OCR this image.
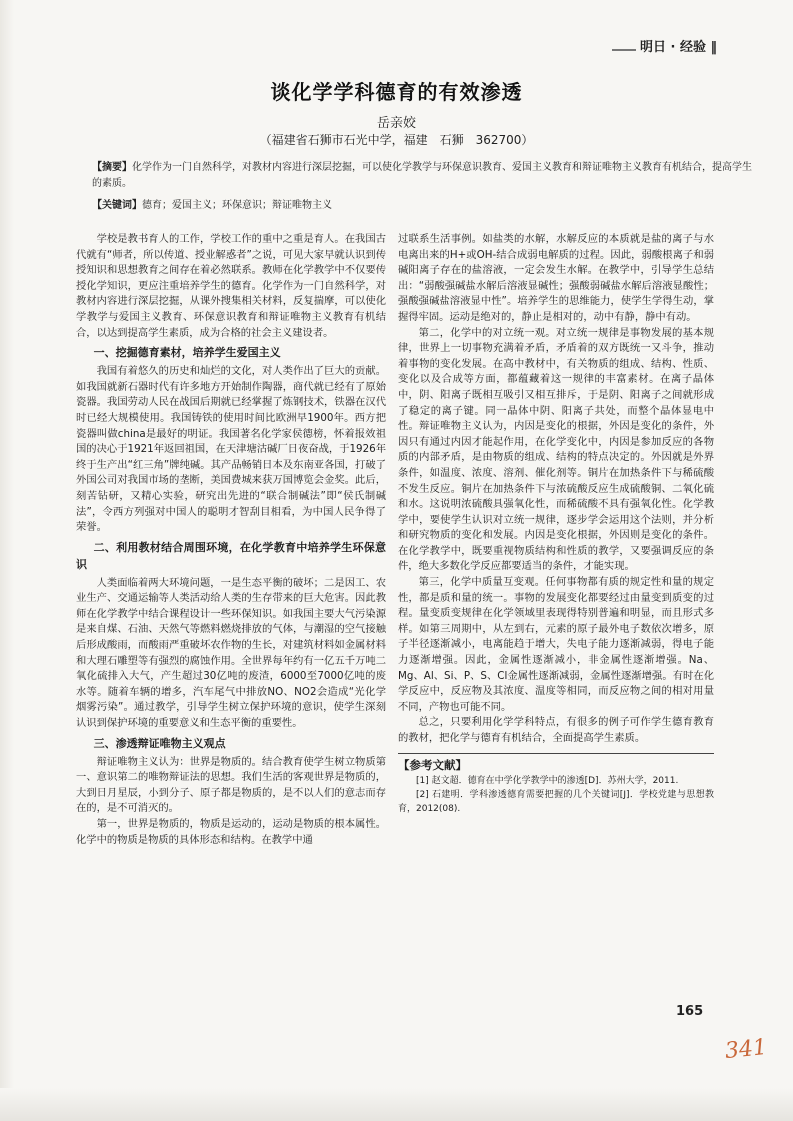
明日 · 经验 ‖
谈化学学科德育的有效渗透
岳亲姣
（福建省石狮市石光中学，福建　石狮　362700）
【摘要】化学作为一门自然科学，对教材内容进行深层挖掘，可以使化学教学与环保意识教育、爱国主义教育和辩证唯物主义教育有机结合，提高学生的素质。
【关键词】德育；爱国主义；环保意识；辩证唯物主义

学校是教书育人的工作，学校工作的重中之重是育人。在我国古代就有“师者，所以传道、授业解惑者”之说，可见大家早就认识到传授知识和思想教育之间存在着必然联系。教师在化学教学中不仅要传授化学知识，更应注重培养学生的德育。化学作为一门自然科学，对教材内容进行深层挖掘，从课外搜集相关材料，反复揣摩，可以使化学教学与爱国主义教育、环保意识教育和辩证唯物主义教育有机结合，以达到提高学生素质，成为合格的社会主义建设者。

一、挖掘德育素材，培养学生爱国主义

我国有着悠久的历史和灿烂的文化，对人类作出了巨大的贡献。如我国就新石器时代有许多地方开始制作陶器，商代就已经有了原始瓷器。我国劳动人民在战国后期就已经掌握了炼钢技术，铁器在汉代时已经大规模使用。我国铸铁的使用时间比欧洲早1900年。西方把瓷器叫做china是最好的明证。我国著名化学家侯德榜，怀着报效祖国的决心于1921年返回祖国，在天津塘沽碱厂日夜奋战，于1926年终于生产出“红三角”牌纯碱。其产品畅销日本及东南亚各国，打破了外国公司对我国市场的垄断，美国费城来获万国博览会金奖。此后，刻苦钻研，又精心实验，研究出先进的“联合制碱法”即“侯氏制碱法”，令西方列强对中国人的聪明才智刮目相看，为中国人民争得了荣誉。

二、利用教材结合周围环境，在化学教育中培养学生环保意识

人类面临着两大环境问题，一是生态平衡的破坏；二是因工、农业生产、交通运输等人类活动给人类的生存带来的巨大危害。因此教师在化学教学中结合课程设计一些环保知识。如我国主要大气污染源是来自煤、石油、天然气等燃料燃烧排放的气体，与潮湿的空气接触后形成酸雨，而酸雨严重破坏农作物的生长，对建筑材料如金属材料和大理石雕塑等有强烈的腐蚀作用。全世界每年约有一亿五千万吨二氧化硫排入大气，产生超过30亿吨的废渣，6000至7000亿吨的废水等。随着车辆的增多，汽车尾气中排放NO、NO2会造成“光化学烟雾污染”。通过教学，引导学生树立保护环境的意识，使学生深刻认识到保护环境的重要意义和生态平衡的重要性。

三、渗透辩证唯物主义观点

辩证唯物主义认为：世界是物质的。结合教育使学生树立物质第一、意识第二的唯物辩证法的思想。我们生活的客观世界是物质的，大到日月星辰，小到分子、原子都是物质的，是不以人们的意志而存在的，是不可消灭的。

第一，世界是物质的，物质是运动的，运动是物质的根本属性。化学中的物质是物质的具体形态和结构。在教学中通

过联系生活事例。如盐类的水解，水解反应的本质就是盐的离子与水电离出来的H+或OH-结合成弱电解质的过程。因此，弱酸根离子和弱碱阳离子存在的盐溶液，一定会发生水解。在教学中，引导学生总结出：“弱酸强碱盐水解后溶液显碱性；强酸弱碱盐水解后溶液显酸性；强酸强碱盐溶液显中性”。培养学生的思维能力，使学生学得生动，掌握得牢固。运动是绝对的，静止是相对的，动中有静，静中有动。

第二，化学中的对立统一观。对立统一规律是事物发展的基本规律，世界上一切事物充满着矛盾，矛盾着的双方既统一又斗争，推动着事物的变化发展。在高中教材中，有关物质的组成、结构、性质、变化以及合成等方面，都蕴藏着这一规律的丰富素材。在离子晶体中，阴、阳离子既相互吸引又相互排斥，于是阴、阳离子之间就形成了稳定的离子键。同一晶体中阴、阳离子共处，而整个晶体显电中性。辩证唯物主义认为，内因是变化的根据，外因是变化的条件，外因只有通过内因才能起作用，在化学变化中，内因是参加反应的各物质的内部矛盾，是由物质的组成、结构的特点决定的。外因就是外界条件，如温度、浓度、溶剂、催化剂等。铜片在加热条件下与稀硫酸不发生反应。铜片在加热条件下与浓硫酸反应生成硫酸铜、二氧化硫和水。这说明浓硫酸具强氧化性，而稀硫酸不具有强氧化性。化学教学中，要使学生认识对立统一规律，逐步学会运用这个法则，并分析和研究物质的变化和发展。内因是变化根据，外因则是变化的条件。在化学教学中，既要重视物质结构和性质的教学，又要强调反应的条件，绝大多数化学反应都要适当的条件，才能实现。

第三，化学中质量互变观。任何事物都有质的规定性和量的规定性，都是质和量的统一。事物的发展变化都要经过由量变到质变的过程。量变质变规律在化学领域里表现得特别普遍和明显，而且形式多样。如第三周期中，从左到右，元素的原子最外电子数依次增多，原子半径逐渐减小，电离能趋于增大，失电子能力逐渐减弱，得电子能力逐渐增强。因此，金属性逐渐减小，非金属性逐渐增强。Na、Mg、Al、Si、P、S、Cl金属性逐渐减弱，金属性逐渐增强。有时在化学反应中，反应物及其浓度、温度等相同，而反应物之间的相对用量不同，产物也可能不同。

总之，只要利用化学学科特点，有很多的例子可作学生德育教育的教材，把化学与德育有机结合，全面提高学生素质。

【参考文献】

[1] 赵文超．德育在中学化学教学中的渗透[D]．苏州大学，2011.

[2] 石建明．学科渗透德育需要把握的几个关键词[J]．学校党建与思想教育，2012(08).

165
341
